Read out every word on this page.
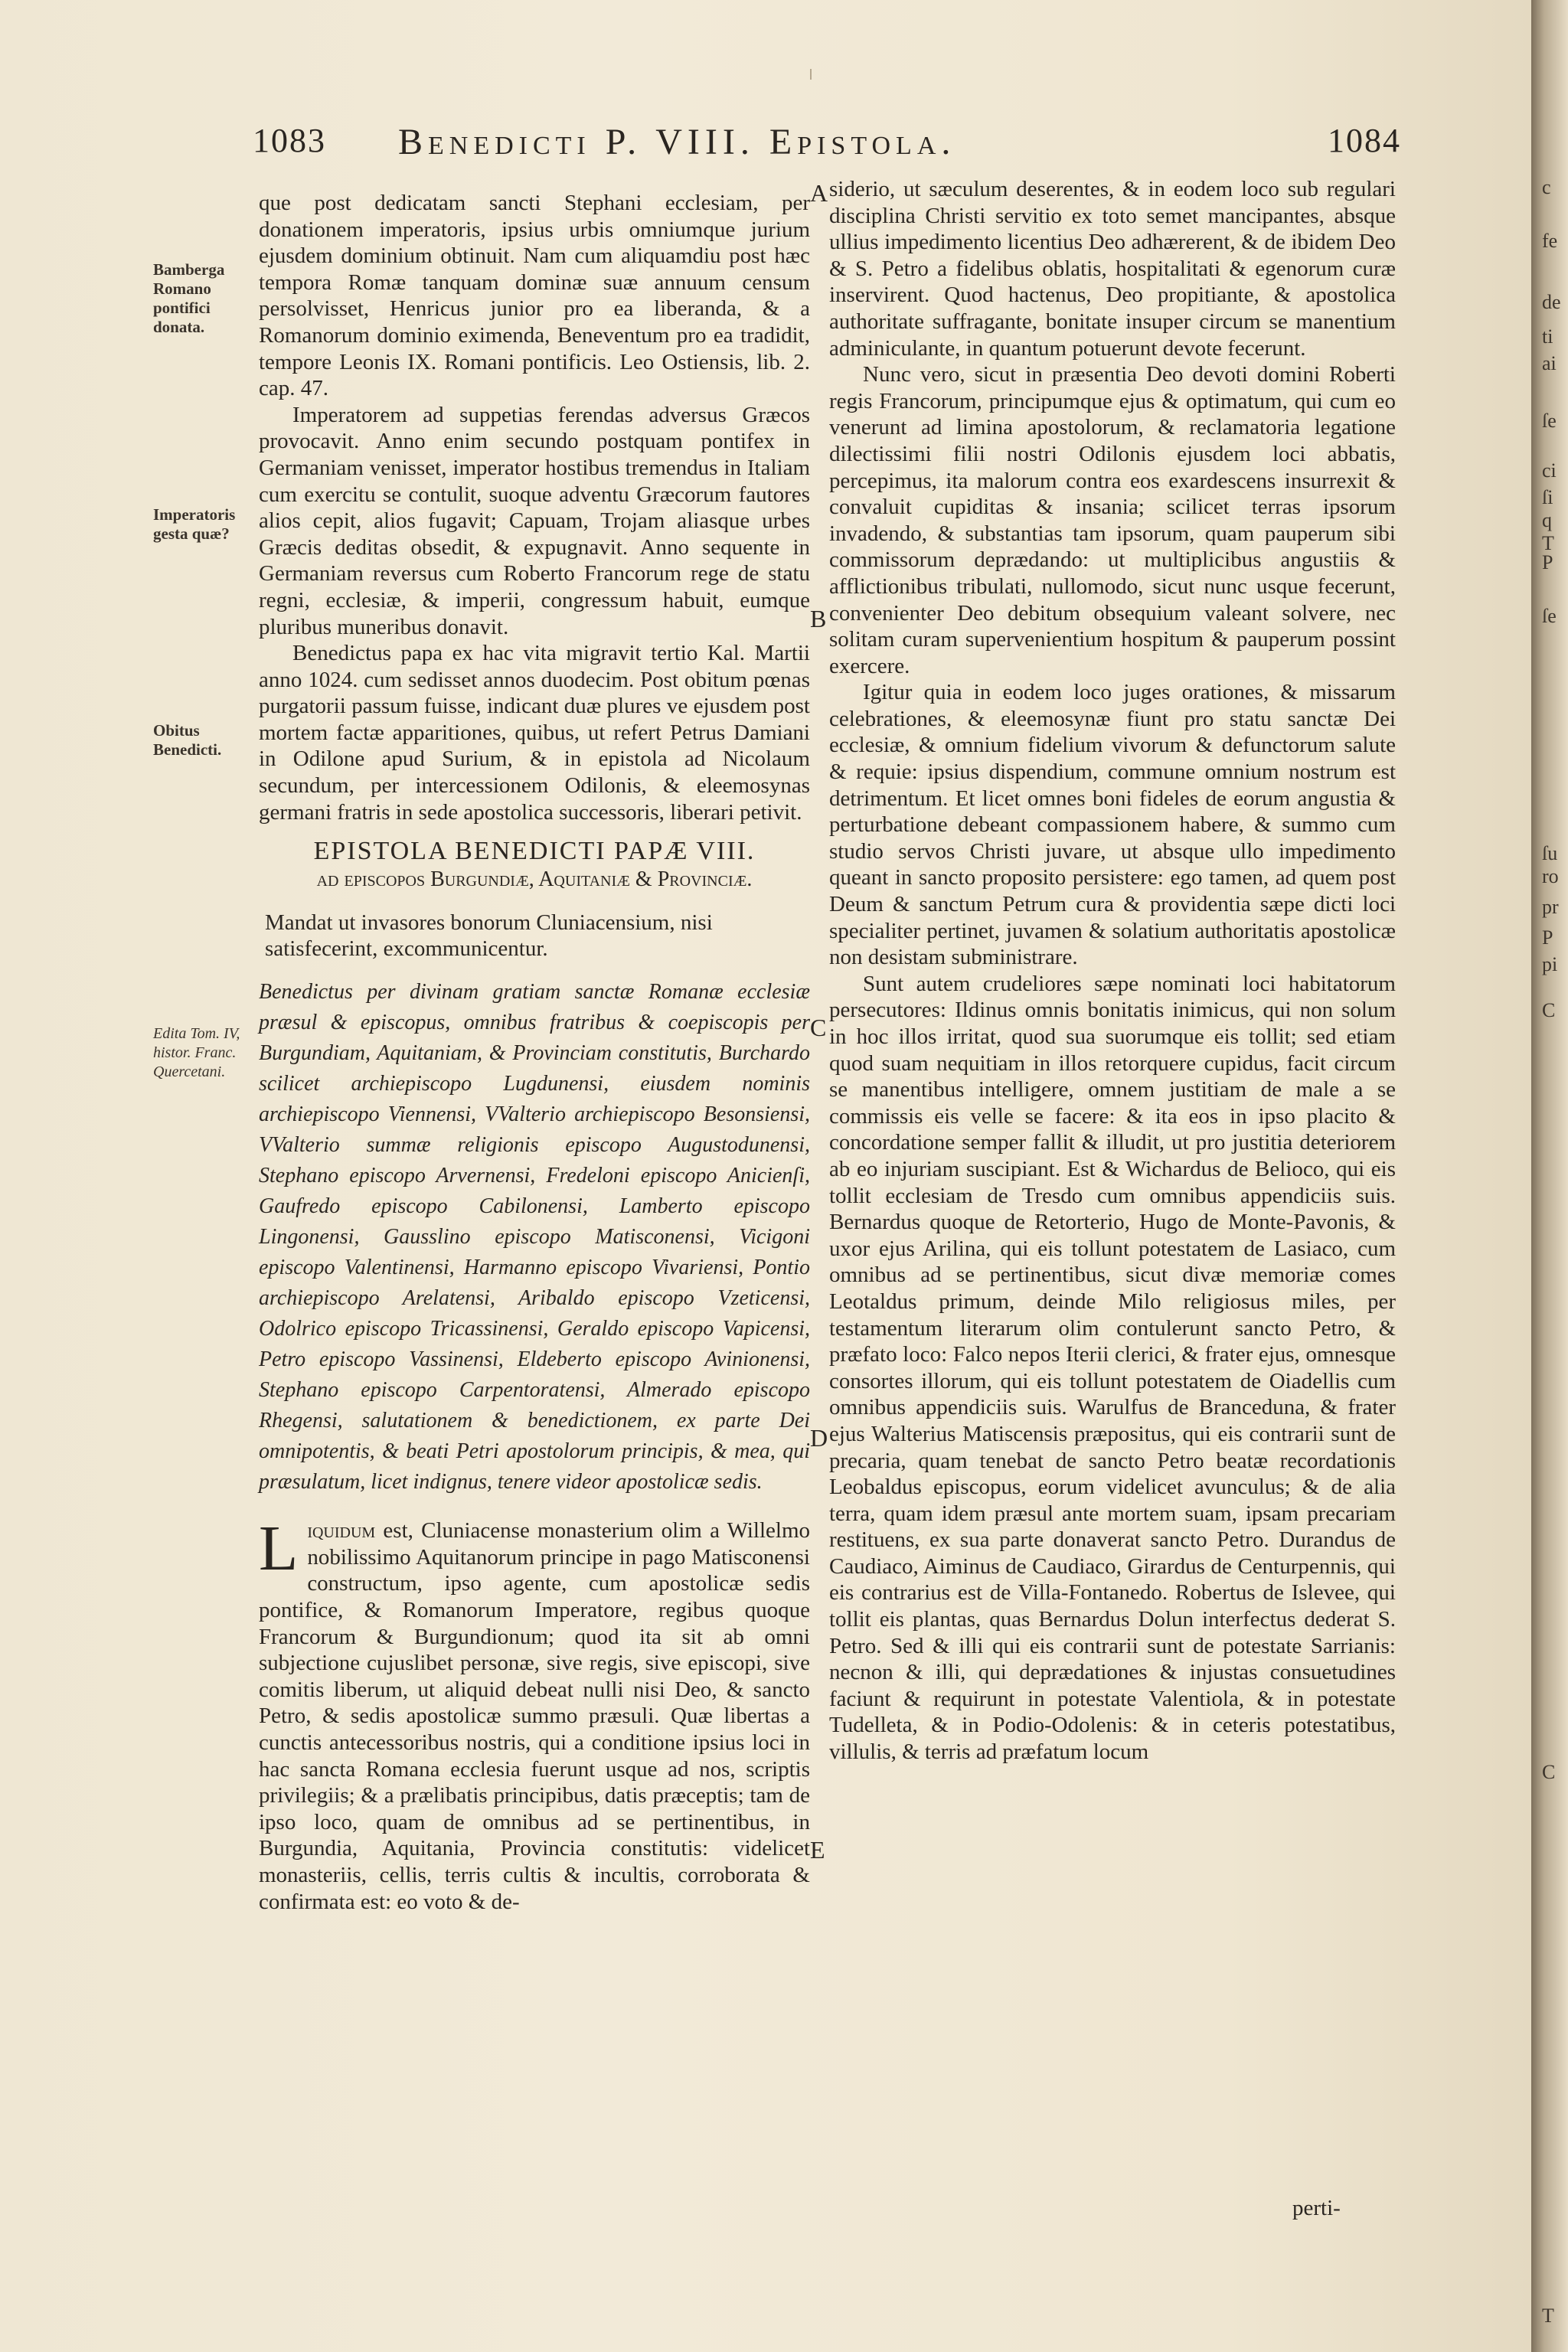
1083 Benedicti P. VIII. Epistola.	1084
Bamberga Romano pontifici donata.
Imperatoris gesta quæ?
Obitus Benedicti.
Edita Tom. IV, histor. Franc. Quercetani.
A
B
C
D
E

que post dedicatam sancti Stephani ecclesiam, per donationem imperatoris, ipsius urbis omniumque jurium ejusdem dominium obtinuit. Nam cum aliquamdiu post hæc tempora Romæ tanquam dominæ suæ annuum censum persolvisset, Henricus junior pro ea liberanda, & a Romanorum dominio eximenda, Beneventum pro ea tradidit, tempore Leonis IX. Romani pontificis. Leo Ostiensis, lib. 2. cap. 47.

Imperatorem ad suppetias ferendas adversus Græcos provocavit. Anno enim secundo postquam pontifex in Germaniam venisset, imperator hostibus tremendus in Italiam cum exercitu se contulit, suoque adventu Græcorum fautores alios cepit, alios fugavit; Capuam, Trojam aliasque urbes Græcis deditas obsedit, & expugnavit. Anno sequente in Germaniam reversus cum Roberto Francorum rege de statu regni, ecclesiæ, & imperii, congressum habuit, eumque pluribus muneribus donavit.

Benedictus papa ex hac vita migravit tertio Kal. Martii anno 1024. cum sedisset annos duodecim. Post obitum pœnas purgatorii passum fuisse, indicant duæ plures ve ejusdem post mortem factæ apparitiones, quibus, ut refert Petrus Damiani in Odilone apud Surium, & in epistola ad Nicolaum secundum, per intercessionem Odilonis, & eleemosynas germani fratris in sede apostolica successoris, liberari petivit.

EPISTOLA BENEDICTI PAPÆ VIII.
ad episcopos Burgundiæ, Aquitaniæ & Provinciæ.
Mandat ut invasores bonorum Cluniacensium, nisi satisfecerint, excommunicentur.
Benedictus per divinam gratiam sanctæ Romanæ ecclesiæ præsul & episcopus, omnibus fratribus & coepiscopis per Burgundiam, Aquitaniam, & Provinciam constitutis, Burchardo scilicet archiepiscopo Lugdunensi, eiusdem nominis archiepiscopo Viennensi, VValterio archiepiscopo Besonsiensi, VValterio summæ religionis episcopo Augustodunensi, Stephano episcopo Arvernensi, Fredeloni episcopo Anicienſi, Gaufredo episcopo Cabilonensi, Lamberto episcopo Lingonensi, Gausslino episcopo Matisconensi, Vicigoni episcopo Valentinensi, Harmanno episcopo Vivariensi, Pontio archiepiscopo Arelatensi, Aribaldo episcopo Vzeticensi, Odolrico episcopo Tricassinensi, Geraldo episcopo Vapicensi, Petro episcopo Vassinensi, Eldeberto episcopo Avinionensi, Stephano episcopo Carpentoratensi, Almerado episcopo Rhegensi, salutationem & benedictionem, ex parte Dei omnipotentis, & beati Petri apostolorum principis, & mea, qui præsulatum, licet indignus, tenere videor apostolicæ sedis.
Liquidum est, Cluniacense monasterium olim a Willelmo nobilissimo Aquitanorum principe in pago Matisconensi constructum, ipso agente, cum apostolicæ sedis pontifice, & Romanorum Imperatore, regibus quoque Francorum & Burgundionum; quod ita sit ab omni subjectione cujuslibet personæ, sive regis, sive episcopi, sive comitis liberum, ut aliquid debeat nulli nisi Deo, & sancto Petro, & sedis apostolicæ summo præsuli. Quæ libertas a cunctis antecessoribus nostris, qui a conditione ipsius loci in hac sancta Romana ecclesia fuerunt usque ad nos, scriptis privilegiis; & a prælibatis principibus, datis præceptis; tam de ipso loco, quam de omnibus ad se pertinentibus, in Burgundia, Aquitania, Provincia constitutis: videlicet monasteriis, cellis, terris cultis & incultis, corroborata & confirmata est: eo voto & de-

siderio, ut sæculum deserentes, & in eodem loco sub regulari disciplina Christi servitio ex toto semet mancipantes, absque ullius impedimento licentius Deo adhærerent, & de ibidem Deo & S. Petro a fidelibus oblatis, hospitalitati & egenorum curæ inservirent. Quod hactenus, Deo propitiante, & apostolica authoritate suffragante, bonitate insuper circum se manentium adminiculante, in quantum potuerunt devote fecerunt.

Nunc vero, sicut in præsentia Deo devoti domini Roberti regis Francorum, principumque ejus & optimatum, qui cum eo venerunt ad limina apostolorum, & reclamatoria legatione dilectissimi filii nostri Odilonis ejusdem loci abbatis, percepimus, ita malorum contra eos exardescens insurrexit & convaluit cupiditas & insania; scilicet terras ipsorum invadendo, & substantias tam ipsorum, quam pauperum sibi commissorum deprædando: ut multiplicibus angustiis & afflictionibus tribulati, nullomodo, sicut nunc usque fecerunt, convenienter Deo debitum obsequium valeant solvere, nec solitam curam supervenientium hospitum & pauperum possint exercere.

Igitur quia in eodem loco juges orationes, & missarum celebrationes, & eleemosynæ fiunt pro statu sanctæ Dei ecclesiæ, & omnium fidelium vivorum & defunctorum salute & requie: ipsius dispendium, commune omnium nostrum est detrimentum. Et licet omnes boni fideles de eorum angustia & perturbatione debeant compassionem habere, & summo cum studio servos Christi juvare, ut absque ullo impedimento queant in sancto proposito persistere: ego tamen, ad quem post Deum & sanctum Petrum cura & providentia sæpe dicti loci specialiter pertinet, juvamen & solatium authoritatis apostolicæ non desistam subministrare.

Sunt autem crudeliores sæpe nominati loci habitatorum persecutores: Ildinus omnis bonitatis inimicus, qui non solum in hoc illos irritat, quod sua suorumque eis tollit; sed etiam quod suam nequitiam in illos retorquere cupidus, facit circum se manentibus intelligere, omnem justitiam de male a se commissis eis velle se facere: & ita eos in ipso placito & concordatione semper fallit & illudit, ut pro justitia deteriorem ab eo injuriam suscipiant. Est & Wichardus de Belioco, qui eis tollit ecclesiam de Tresdo cum omnibus appendiciis suis. Bernardus quoque de Retorterio, Hugo de Monte-Pavonis, & uxor ejus Arilina, qui eis tollunt potestatem de Lasiaco, cum omnibus ad se pertinentibus, sicut divæ memoriæ comes Leotaldus primum, deinde Milo religiosus miles, per testamentum literarum olim contulerunt sancto Petro, & præfato loco: Falco nepos Iterii clerici, & frater ejus, omnesque consortes illorum, qui eis tollunt potestatem de Oiadellis cum omnibus appendiciis suis. Warulfus de Branceduna, & frater ejus Walterius Matiscensis præpositus, qui eis contrarii sunt de precaria, quam tenebat de sancto Petro beatæ recordationis Leobaldus episcopus, eorum videlicet avunculus; & de alia terra, quam idem præsul ante mortem suam, ipsam precariam restituens, ex sua parte donaverat sancto Petro. Durandus de Caudiaco, Aiminus de Caudiaco, Girardus de Centurpennis, qui eis contrarius est de Villa-Fontanedo. Robertus de Islevee, qui tollit eis plantas, quas Bernardus Dolun interfectus dederat S. Petro. Sed & illi qui eis contrarii sunt de potestate Sarrianis: necnon & illi, qui deprædationes & injustas consuetudines faciunt & requirunt in potestate Valentiola, & in potestate Tudelleta, & in Podio-Odolenis: & in ceteris potestatibus, villulis, & terris ad præfatum locum

perti-
c
fe
de
ti
ai
ſe
ci
ſi
q
T
P
ſe
ſu
ro
pr
P
pi
C
C
T
